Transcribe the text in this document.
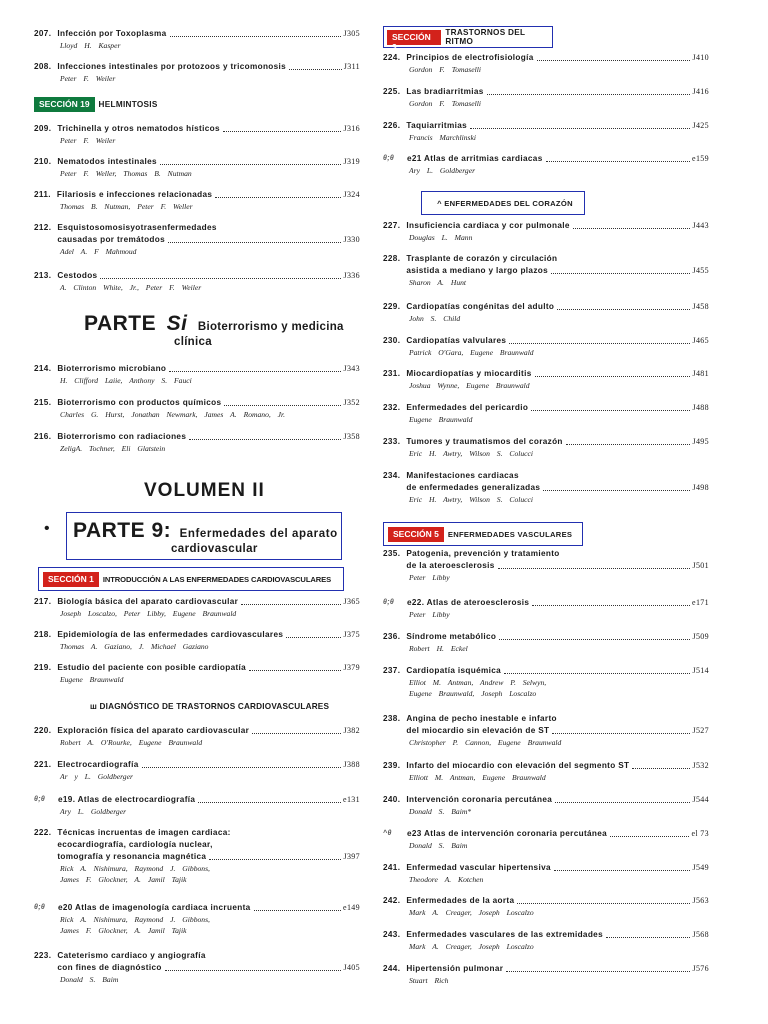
207. Infección por Toxoplasma	J305
Lloyd H. Kasper
208. Infecciones intestinales por protozoos y tricomonosis	J311
Peter F. Weiler
SECCIÓN 19	HELMINTOSIS
209. Trichinella y otros nematodos hísticos	J316
Peter F. Weiler
210. Nematodos intestinales	J319
Peter F. Weller, Thomas B. Nutman
211. Filariosis e infecciones relacionadas	J324
Thomas B. Nutman, Peter F. Weller
212. Esquistosomosisyotrasenfermedades
causadas por tremátodos	J330
Adel A. F Mahmoud
213. Cestodos	J336
A. Clinton White, Jr., Peter F. Weiler
PARTE Si Bioterrorismo y medicina
clínica
214. Bioterrorismo microbiano	J343
H. Clifford Laiie, Anthony S. Fauci
215. Bioterrorismo con productos químicos	J352
Charles G. Hurst, Jonathan Newmark, James A. Romano, Jr.
216. Bioterrorismo con radiaciones	J358
ZeligA. Tochner, Eli Glatstein
VOLUMEN II
• PARTE 9: Enfermedades del aparato
cardiovascular
SECCIÓN 1	INTRODUCCIÓN A LAS ENFERMEDADES CARDIOVASCULARES
217. Biología básica del aparato cardiovascular	J365
Joseph Loscalzo, Peter Libby, Eugene Braunwald
218. Epidemiología de las enfermedades cardiovasculares	J375
Thomas A. Gaziano, J. Michael Gaziano
219. Estudio del paciente con posible cardiopatía	J379
Eugene Braunwald
ш DIAGNÓSTICO DE TRASTORNOS CARDIOVASCULARES
220. Exploración física del aparato cardiovascular	J382
Robert A. O'Rourke, Eugene Braunwald
221. Electrocardiografía	J388
Ar y L. Goldberger
θ;θ	e19. Atlas de electrocardiografía	e131
Ary L. Goldberger
222. Técnicas incruentas de imagen cardiaca:
ecocardiografía, cardiología nuclear,
tomografía y resonancia magnética	J397
Rick A. Nishimura, Raymond J. Gibbons,
James F. Glockner, A. Jamil Tajik
θ;θ	e20 Atlas de imagenología cardiaca incruenta	e149
Rick A. Nishimura, Raymond J. Gibbons,
James F. Glockner, A. Jamil Tajik
223. Cateterismo cardiaco y angiografía
con fines de diagnóstico	J405
Donald S. Baim
SECCIÓN 3
TRASTORNOS DEL RITMO
224. Principios de electrofisiología	J410
Gordon F. Tomaselli
225. Las bradiarritmias	J416
Gordon F. Tomaselli
226. Taquiarritmias	J425
Francis Marchlinski
θ;θ	e21 Atlas de arritmias cardiacas	e159
Ary L. Goldberger
^ ENFERMEDADES DEL CORAZÓN
227. Insuficiencia cardiaca y cor pulmonale	J443
Douglas L. Mann
228. Trasplante de corazón y circulación
asistida a mediano y largo plazos	J455
Sharon A. Hunt
229. Cardiopatías congénitas del adulto	J458
John S. Child
230. Cardiopatías valvulares	J465
Patrick O'Gara, Eugene Braunwald
231. Miocardiopatías y miocarditis	J481
Joshua Wynne, Eugene Braunwald
232. Enfermedades del pericardio	J488
Eugene Braunwald
233. Tumores y traumatismos del corazón	J495
Eric H. Awtry, Wilson S. Colucci
234. Manifestaciones cardiacas
de enfermedades generalizadas	J498
Eric H. Awtry, Wilson S. Colucci
SECCIÓN 5	ENFERMEDADES VASCULARES
235. Patogenia, prevención y tratamiento
de la ateroesclerosis	J501
Peter Libby
θ;θ	e22. Atlas de ateroesclerosis	e171
Peter Libby
236. Síndrome metabólico	J509
Robert H. Eckel
237. Cardiopatía isquémica	J514
Elliot M. Antman, Andrew P. Selwyn,
Eugene Braunwald, Joseph Loscalzo
238. Angina de pecho inestable e infarto
del miocardio sin elevación de ST	J527
Christopher P. Cannon, Eugene Braunwald
239. Infarto del miocardio con elevación del segmento ST	J532
Elliott M. Antman, Eugene Braunwald
240. Intervención coronaria percutánea	J544
Donald S. Baim*
^θ	e23 Atlas de intervención coronaria percutánea	el 73
Donald S. Baim
241. Enfermedad vascular hipertensiva	J549
Theodore A. Kotchen
242. Enfermedades de la aorta	J563
Mark A. Creager, Joseph Loscalzo
243. Enfermedades vasculares de las extremidades	J568
Mark A. Creager, Joseph Loscalzo
244. Hipertensión pulmonar	J576
Stuart Rich
